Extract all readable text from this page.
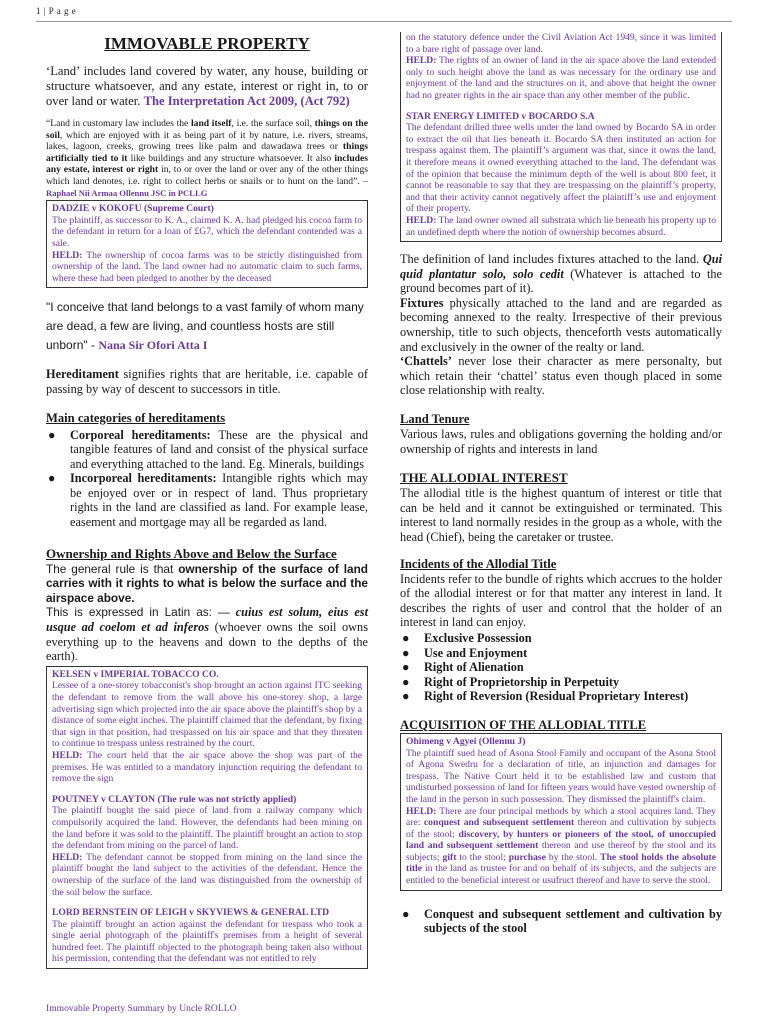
1 | P a g e
IMMOVABLE PROPERTY

‘Land’ includes land covered by water, any house, building or structure whatsoever, and any estate, interest or right in, to or over land or water. The Interpretation Act 2009, (Act 792)

“Land in customary law includes the land itself, i.e. the surface soil, things on the soil, which are enjoyed with it as being part of it by nature, i.e. rivers, streams, lakes, lagoon, creeks, growing trees like palm and dawadawa trees or things artificially tied to it like buildings and any structure whatsoever. It also includes any estate, interest or right in, to or over the land or over any of the other things which land denotes, i.e. right to collect herbs or snails or to hunt on the land”. – Raphael Nii Armaa Ollennu JSC in PCLLG

DADZIE v KOKOFU (Supreme Court)
The plaintiff, as successor to K. A., claimed K. A. had pledged his cocoa farm to the defendant in return for a loan of £G7, which the defendant contended was a sale.
HELD: The ownership of cocoa farms was to be strictly distinguished from ownership of the land. The land owner had no automatic claim to such farms, where these had been pledged to another by the deceased

"I conceive that land belongs to a vast family of whom many are dead, a few are living, and countless hosts are still unborn" - Nana Sir Ofori Atta I

Hereditament signifies rights that are heritable, i.e. capable of passing by way of descent to successors in title.

Main categories of hereditaments
● Corporeal hereditaments: These are the physical and tangible features of land and consist of the physical surface and everything attached to the land. Eg. Minerals, buildings
● Incorporeal hereditaments: Intangible rights which may be enjoyed over or in respect of land. Thus proprietary rights in the land are classified as land. For example lease, easement and mortgage may all be regarded as land.
Ownership and Rights Above and Below the Surface

The general rule is that ownership of the surface of land carries with it rights to what is below the surface and the airspace above.

This is expressed in Latin as: — cuius est solum, eius est usque ad coelom et ad inferos (whoever owns the soil owns everything up to the heavens and down to the depths of the earth).

KELSEN v IMPERIAL TOBACCO CO.
Lessee of a one-storey tobacconist's shop brought an action against ITC seeking the defendant to remove from the wall above his one-storey shop, a large advertising sign which projected into the air space above the plaintiff's shop by a distance of some eight inches. The plaintiff claimed that the defendant, by fixing that sign in that position, had trespassed on his air space and that they threaten to continue to trespass unless restrained by the court.
HELD: The court held that the air space above the shop was part of the premises. He was entitled to a mandatory injunction requiring the defendant to remove the sign
POUTNEY v CLAYTON (The rule was not strictly applied)
The plaintiff bought the said piece of land from a railway company which compulsorily acquired the land. However, the defendants had been mining on the land before it was sold to the plaintiff. The plaintiff brought an action to stop the defendant from mining on the parcel of land.
HELD: The defendant cannot be stopped from mining on the land since the plaintiff bought the land subject to the activities of the defendant. Hence the ownership of the surface of the land was distinguished from the ownership of the soil below the surface.
LORD BERNSTEIN OF LEIGH v SKYVIEWS & GENERAL LTD
The plaintiff brought an action against the defendant for trespass who took a single aerial photograph of the plaintiff's premises from a height of several hundred feet. The plaintiff objected to the photograph being taken also without his permission, contending that the defendant was not entitled to rely
on the statutory defence under the Civil Aviation Act 1949, since it was limited to a bare right of passage over land.
HELD: The rights of an owner of land in the air space above the land extended only to such height above the land as was necessary for the ordinary use and enjoyment of the land and the structures on it, and above that height the owner had no greater rights in the air space than any other member of the public.
STAR ENERGY LIMITED v BOCARDO S.A
The defendant drilled three wells under the land owned by Bocardo SA in order to extract the oil that lies beneath it. Bocardo SA then instituted an action for trespass against them. The plaintiff’s argument was that, since it owns the land, it therefore means it owned everything attached to the land. The defendant was of the opinion that because the minimum depth of the well is about 800 feet, it cannot be reasonable to say that they are trespassing on the plaintiff’s property, and that their activity cannot negatively affect the plaintiff’s use and enjoyment of their property.
HELD: The land owner owned all substrata which lie beneath his property up to an undefined depth where the notion of ownership becomes absurd.

The definition of land includes fixtures attached to the land. Qui quid plantatur solo, solo cedit (Whatever is attached to the ground becomes part of it).

Fixtures physically attached to the land and are regarded as becoming annexed to the realty. Irrespective of their previous ownership, title to such objects, thenceforth vests automatically and exclusively in the owner of the realty or land.

‘Chattels’ never lose their character as mere personalty, but which retain their ‘chattel’ status even though placed in some close relationship with realty.

Land Tenure

Various laws, rules and obligations governing the holding and/or ownership of rights and interests in land

THE ALLODIAL INTEREST

The allodial title is the highest quantum of interest or title that can be held and it cannot be extinguished or terminated. This interest to land normally resides in the group as a whole, with the head (Chief), being the caretaker or trustee.

Incidents of the Allodial Title

Incidents refer to the bundle of rights which accrues to the holder of the allodial interest or for that matter any interest in land. It describes the rights of user and control that the holder of an interest in land can enjoy.

● Exclusive Possession
● Use and Enjoyment
● Right of Alienation
● Right of Proprietorship in Perpetuity
● Right of Reversion (Residual Proprietary Interest)
ACQUISITION OF THE ALLODIAL TITLE
Ohimeng v Agyei (Ollennu J)
The plaintiff sued head of Asona Stool Family and occupant of the Asona Stool of Agona Swedru for a declaration of title, an injunction and damages for trespass. The Native Court held it to be established law and custom that undisturbed possession of land for fifteen years would have vested ownership of the land in the person in such possession. They dismissed the plaintiff's claim.
HELD: There are four principal methods by which a stool acquires land. They are: conquest and subsequent settlement thereon and cultivation by subjects of the stool; discovery, by hunters or pioneers of the stool, of unoccupied land and subsequent settlement thereon and use thereof by the stool and its subjects; gift to the stool; purchase by the stool. The stool holds the absolute title in the land as trustee for and on behalf of its subjects, and the subjects are entitled to the beneficial interest or usufruct thereof and have to serve the stool.
● Conquest and subsequent settlement and cultivation by subjects of the stool
Immovable Property Summary by Uncle ROLLO
